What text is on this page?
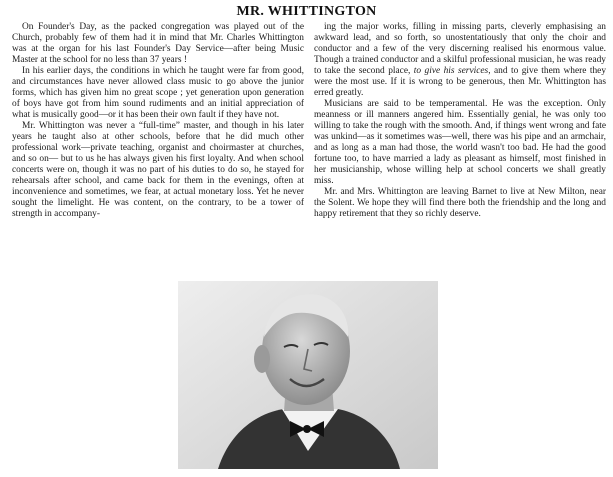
MR. WHITTINGTON

On Founder's Day, as the packed congregation was played out of the Church, probably few of them had it in mind that Mr. Charles Whittington was at the organ for his last Founder's Day Service—after being Music Master at the school for no less than 37 years !

In his earlier days, the conditions in which he taught were far from good, and circumstances have never allowed class music to go above the junior forms, which has given him no great scope ; yet generation upon generation of boys have got from him sound rudiments and an initial appreciation of what is musically good—or it has been their own fault if they have not.

Mr. Whittington was never a “full-time” master, and though in his later years he taught also at other schools, before that he did much other professional work—private teaching, organist and choirmaster at churches, and so on— but to us he has always given his first loyalty. And when school concerts were on, though it was no part of his duties to do so, he stayed for rehearsals after school, and came back for them in the evenings, often at inconvenience and sometimes, we fear, at actual monetary loss. Yet he never sought the limelight. He was content, on the contrary, to be a tower of strength in accompany-

ing the major works, filling in missing parts, cleverly emphasising an awkward lead, and so forth, so unostentatiously that only the choir and conductor and a few of the very discerning realised his enormous value. Though a trained conductor and a skilful professional musician, he was ready to take the second place, to give his services, and to give them where they were the most use. If it is wrong to be generous, then Mr. Whittington has erred greatly.

Musicians are said to be temperamental. He was the exception. Only meanness or ill manners angered him. Essentially genial, he was only too willing to take the rough with the smooth. And, if things went wrong and fate was unkind—as it sometimes was—well, there was his pipe and an armchair, and as long as a man had those, the world wasn't too bad. He had the good fortune too, to have married a lady as pleasant as himself, most finished in her musicianship, whose willing help at school concerts we shall greatly miss.

Mr. and Mrs. Whittington are leaving Barnet to live at New Milton, near the Solent. We hope they will find there both the friendship and the long and happy retirement that they so richly deserve.
